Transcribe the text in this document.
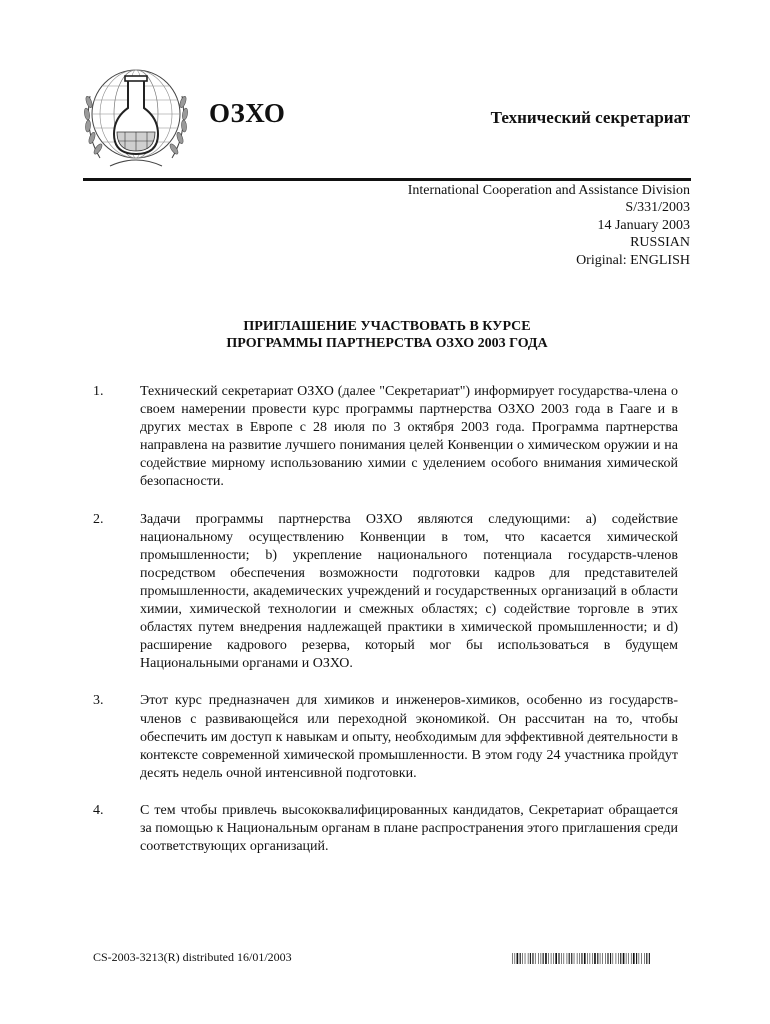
ОЗХО	Технический секретариат
International Cooperation and Assistance Division
S/331/2003
14 January 2003
RUSSIAN
Original: ENGLISH
ПРИГЛАШЕНИЕ УЧАСТВОВАТЬ В КУРСЕ
ПРОГРАММЫ ПАРТНЕРСТВА ОЗХО 2003 ГОДА
1.	Технический секретариат ОЗХО (далее "Секретариат") информирует государства-члена о своем намерении провести курс программы партнерства ОЗХО 2003 года в Гааге и в других местах в Европе с 28 июля по 3 октября 2003 года. Программа партнерства направлена на развитие лучшего понимания целей Конвенции о химическом оружии и на содействие мирному использованию химии с уделением особого внимания химической безопасности.
2.	Задачи программы партнерства ОЗХО являются следующими: a) содействие национальному осуществлению Конвенции в том, что касается химической промышленности; b) укрепление национального потенциала государств-членов посредством обеспечения возможности подготовки кадров для представителей промышленности, академических учреждений и государственных организаций в области химии, химической технологии и смежных областях; c) содействие торговле в этих областях путем внедрения надлежащей практики в химической промышленности; и d) расширение кадрового резерва, который мог бы использоваться в будущем Национальными органами и ОЗХО.
3.	Этот курс предназначен для химиков и инженеров-химиков, особенно из государств-членов с развивающейся или переходной экономикой. Он рассчитан на то, чтобы обеспечить им доступ к навыкам и опыту, необходимым для эффективной деятельности в контексте современной химической промышленности. В этом году 24 участника пройдут десять недель очной интенсивной подготовки.
4.	С тем чтобы привлечь высококвалифицированных кандидатов, Секретариат обращается за помощью к Национальным органам в плане распространения этого приглашения среди соответствующих организаций.
CS-2003-3213(R) distributed 16/01/2003
